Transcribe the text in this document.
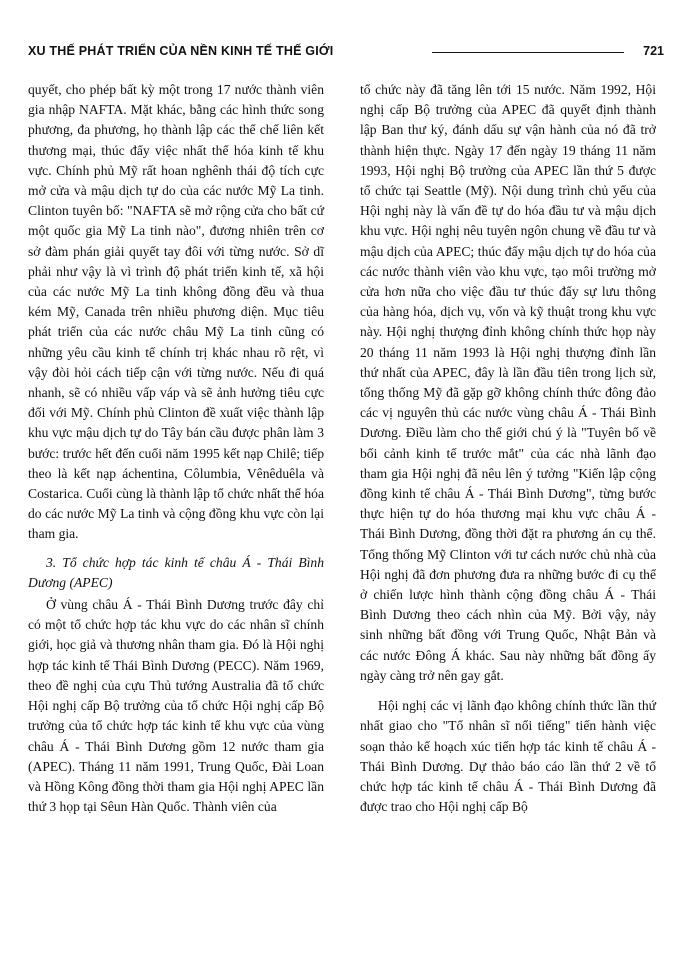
XU THẾ PHÁT TRIỂN CỦA NỀN KINH TẾ THẾ GIỚI	721

quyết, cho phép bất kỳ một trong 17 nước thành viên gia nhập NAFTA. Mặt khác, bằng các hình thức song phương, đa phương, họ thành lập các thể chế liên kết thương mại, thúc đẩy việc nhất thể hóa kinh tế khu vực. Chính phủ Mỹ rất hoan nghênh thái độ tích cực mở cửa và mậu dịch tự do của các nước Mỹ La tinh. Clinton tuyên bố: "NAFTA sẽ mở rộng cửa cho bất cứ một quốc gia Mỹ La tinh nào", đương nhiên trên cơ sở đàm phán giải quyết tay đôi với từng nước. Sở dĩ phải như vậy là vì trình độ phát triển kinh tế, xã hội của các nước Mỹ La tinh không đồng đều và thua kém Mỹ, Canada trên nhiều phương diện. Mục tiêu phát triển của các nước châu Mỹ La tinh cũng có những yêu cầu kinh tế chính trị khác nhau rõ rệt, vì vậy đòi hỏi cách tiếp cận với từng nước. Nếu đi quá nhanh, sẽ có nhiều vấp váp và sẽ ảnh hưởng tiêu cực đối với Mỹ. Chính phủ Clinton đề xuất việc thành lập khu vực mậu dịch tự do Tây bán cầu được phân làm 3 bước: trước hết đến cuối năm 1995 kết nạp Chilê; tiếp theo là kết nạp áchentina, Côlumbia, Vênêduêla và Costarica. Cuối cùng là thành lập tổ chức nhất thể hóa do các nước Mỹ La tinh và cộng đồng khu vực còn lại tham gia.

3. Tổ chức hợp tác kinh tế châu Á - Thái Bình Dương (APEC)

Ở vùng châu Á - Thái Bình Dương trước đây chỉ có một tổ chức hợp tác khu vực do các nhân sĩ chính giới, học giả và thương nhân tham gia. Đó là Hội nghị hợp tác kinh tế Thái Bình Dương (PECC). Năm 1969, theo đề nghị của cựu Thủ tướng Australia đã tổ chức Hội nghị cấp Bộ trưởng của tổ chức Hội nghị cấp Bộ trưởng của tổ chức hợp tác kinh tế khu vực của vùng châu Á - Thái Bình Dương gồm 12 nước tham gia (APEC). Tháng 11 năm 1991, Trung Quốc, Đài Loan và Hồng Kông đồng thời tham gia Hội nghị APEC lần thứ 3 họp tại Sêun Hàn Quốc. Thành viên của

tổ chức này đã tăng lên tới 15 nước. Năm 1992, Hội nghị cấp Bộ trưởng của APEC đã quyết định thành lập Ban thư ký, đánh dấu sự vận hành của nó đã trở thành hiện thực. Ngày 17 đến ngày 19 tháng 11 năm 1993, Hội nghị Bộ trưởng của APEC lần thứ 5 được tổ chức tại Seattle (Mỹ). Nội dung trình chủ yếu của Hội nghị này là vấn đề tự do hóa đầu tư và mậu dịch khu vực. Hội nghị nêu tuyên ngôn chung về đầu tư và mậu dịch của APEC; thúc đẩy mậu dịch tự do hóa của các nước thành viên vào khu vực, tạo môi trường mở cửa hơn nữa cho việc đầu tư thúc đẩy sự lưu thông của hàng hóa, dịch vụ, vốn và kỹ thuật trong khu vực này. Hội nghị thượng đỉnh không chính thức họp này 20 tháng 11 năm 1993 là Hội nghị thượng đỉnh lần thứ nhất của APEC, đây là lần đầu tiên trong lịch sử, tổng thống Mỹ đã gặp gỡ không chính thức đông đảo các vị nguyên thủ các nước vùng châu Á - Thái Bình Dương. Điều làm cho thế giới chú ý là "Tuyên bố về bối cảnh kinh tế trước mắt" của các nhà lãnh đạo tham gia Hội nghị đã nêu lên ý tưởng "Kiến lập cộng đồng kinh tế châu Á - Thái Bình Dương", từng bước thực hiện tự do hóa thương mại khu vực châu Á - Thái Bình Dương, đồng thời đặt ra phương án cụ thể. Tổng thống Mỹ Clinton với tư cách nước chủ nhà của Hội nghị đã đơn phương đưa ra những bước đi cụ thể ở chiến lược hình thành cộng đồng châu Á - Thái Bình Dương theo cách nhìn của Mỹ. Bởi vậy, nảy sinh những bất đồng với Trung Quốc, Nhật Bản và các nước Đông Á khác. Sau này những bất đồng ấy ngày càng trở nên gay gắt.

Hội nghị các vị lãnh đạo không chính thức lần thứ nhất giao cho "Tổ nhân sĩ nổi tiếng" tiến hành việc soạn thảo kế hoạch xúc tiến hợp tác kinh tế châu Á - Thái Bình Dương. Dự thảo báo cáo lần thứ 2 về tổ chức hợp tác kinh tế châu Á - Thái Bình Dương đã được trao cho Hội nghị cấp Bộ
